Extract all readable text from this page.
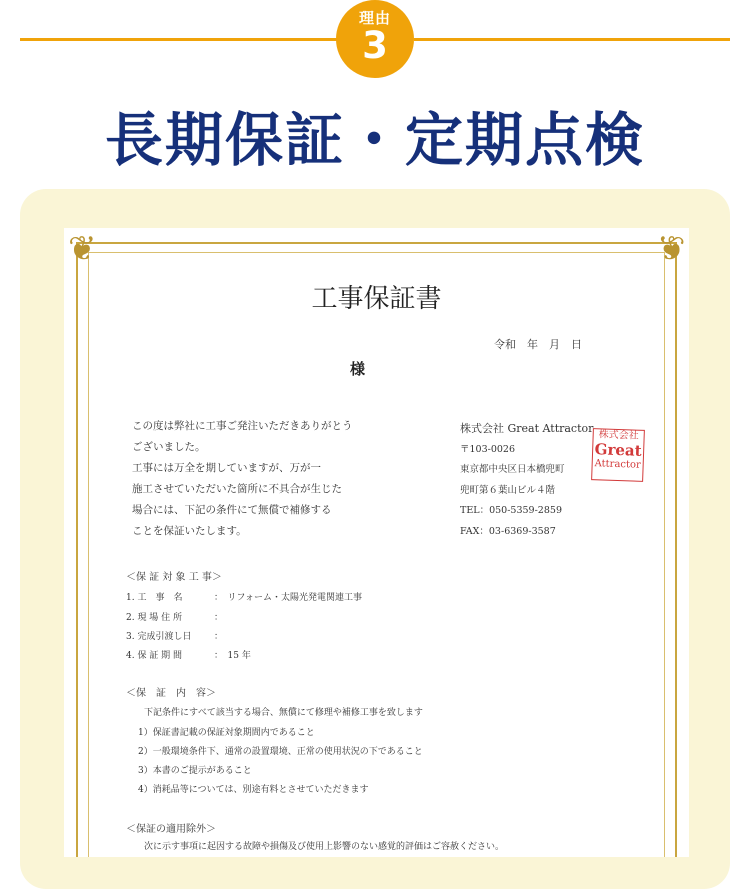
理由
3
長期保証・定期点検
❦	❦
工事保証書
令和　年　月　日
様
この度は弊社に工事ご発注いただきありがとう
ございました。
工事には万全を期していますが、万が一
施工させていただいた箇所に不具合が生じた
場合には、下記の条件にて無償で補修する
ことを保証いたします。
株式会社 Great Attractor
〒103-0026
東京都中央区日本橋兜町
兜町第６葉山ビル４階
TEL：050-5359-2859
FAX：03-6369-3587
株式会社
Great
Attractor
＜保 証 対 象 工 事＞
1. 工　事　名	：　リフォーム・太陽光発電関連工事
2. 現 場 住 所	：
3. 完成引渡し日	：
4. 保 証 期 間	：　15 年
＜保　証　内　容＞
下記条件にすべて該当する場合、無償にて修理や補修工事を致します
1）保証書記載の保証対象期間内であること
2）一般環境条件下、通常の設置環境、正常の使用状況の下であること
3）本書のご提示があること
4）消耗品等については、別途有料とさせていただきます
＜保証の適用除外＞
次に示す事項に起因する故障や損傷及び使用上影響のない感覚的評価はご容赦ください。
